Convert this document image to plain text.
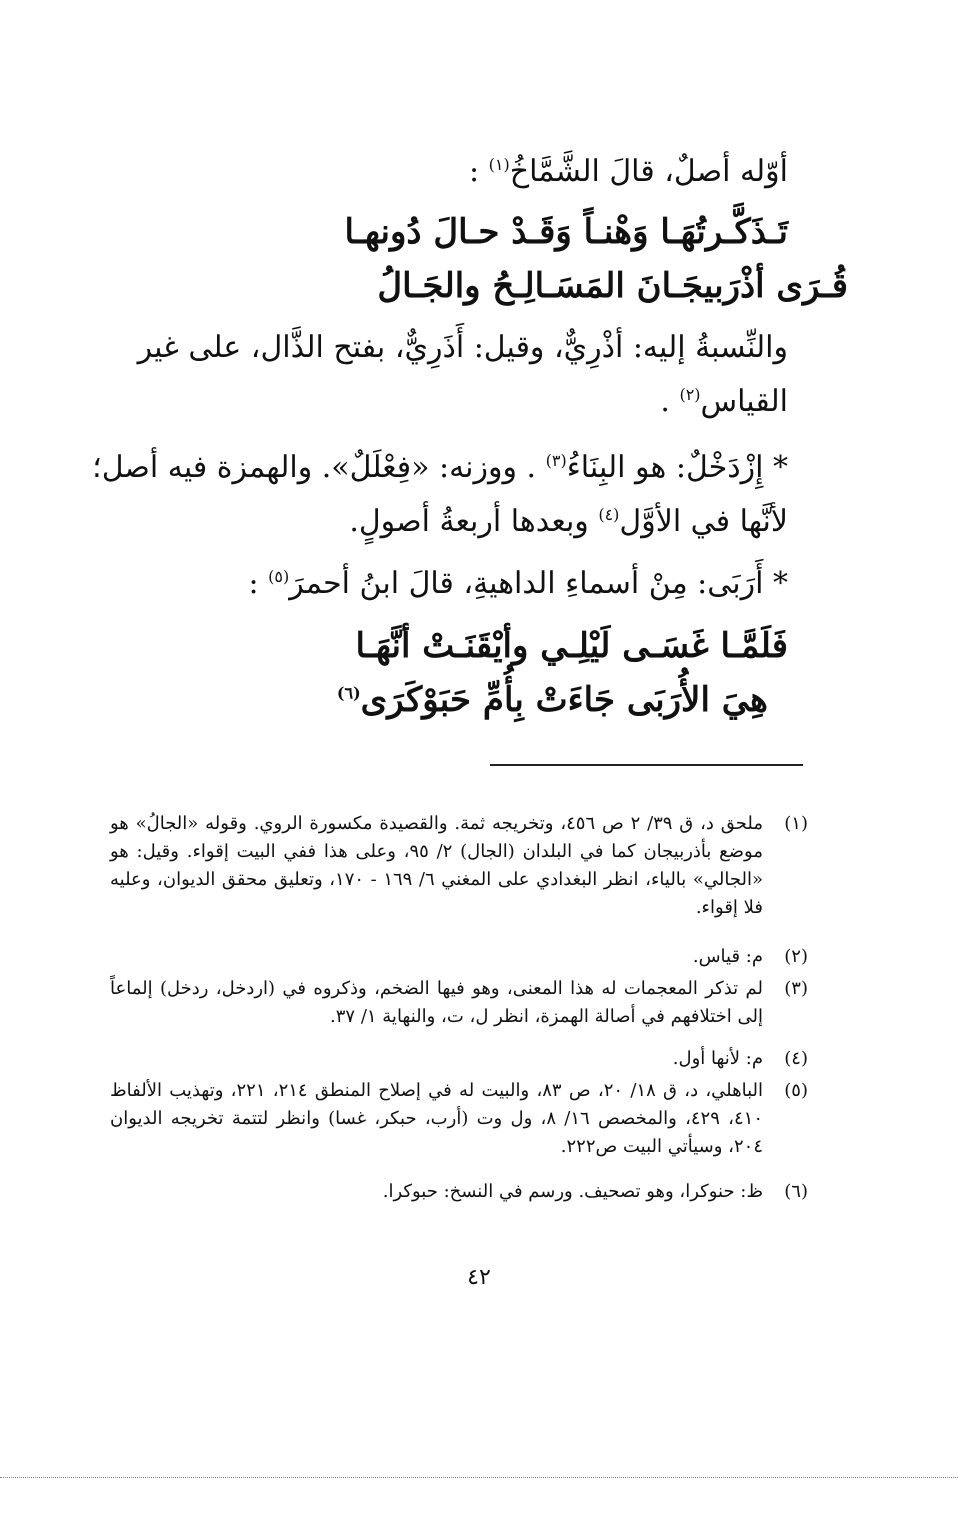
أوّله أصلٌ، قالَ الشَّمَّاخُ$^{(١)}$ :
تَـذَكَّـرتُهَـا وَهْنـاً وَقَـدْ حـالَ دُونهـا
قُـرَى أذْرَبيجَـانَ المَسَـالِـحُ والجَـالُ
والنِّسبةُ إليه: أذْرِيٌّ، وقيل: أَذَرِيٌّ، بفتح الذَّال، على غير
القياس$^{(٢)}$ .
* إِزْدَخْلٌ: هو البِنَاءُ$^{(٣)}$ . ووزنه: «فِعْلَلٌ». والهمزة فيه أصل؛
لأنَّها في الأوَّل$^{(٤)}$ وبعدها أربعةُ أصولٍ.
* أَرَبَى: مِنْ أسماءِ الداهيةِ، قالَ ابنُ أحمرَ$^{(٥)}$ :
فَلَمَّـا غَسَـى لَيْلِـي وأيْقَنَـتْ أنَّهَـا
هِيَ الأُرَبَى جَاءَتْ بِأُمِّ حَبَوْكَرَى$^{(٦)}$
(١)
ملحق د، ق ٣٩/ ٢ ص ٤٥٦، وتخريجه ثمة. والقصيدة مكسورة الروي. وقوله «الجالُ» هو موضع بأذربيجان كما في البلدان (الجال) ٢/ ٩٥، وعلى هذا ففي البيت إقواء. وقيل: هو «الجالي» بالياء، انظر البغدادي على المغني ٦/ ١٦٩ - ١٧٠، وتعليق محقق الديوان، وعليه فلا إقواء.
(٢)
م: قياس.
(٣)
لم تذكر المعجمات له هذا المعنى، وهو فيها الضخم، وذكروه في (اردخل، ردخل) إلماعاً إلى اختلافهم في أصالة الهمزة، انظر ل، ت، والنهاية ١/ ٣٧.
(٤)
م: لأنها أول.
(٥)
الباهلي، د، ق ١٨/ ٢٠، ص ٨٣، والبيت له في إصلاح المنطق ٢١٤، ٢٢١، وتهذيب الألفاظ ٤١٠، ٤٢٩، والمخصص ١٦/ ٨، ول وت (أرب، حبكر، غسا) وانظر لتتمة تخريجه الديوان ٢٠٤، وسيأتي البيت ص٢٢٢.
(٦)
ظ: حنوكرا، وهو تصحيف. ورسم في النسخ: حبوكرا.
٤٢
